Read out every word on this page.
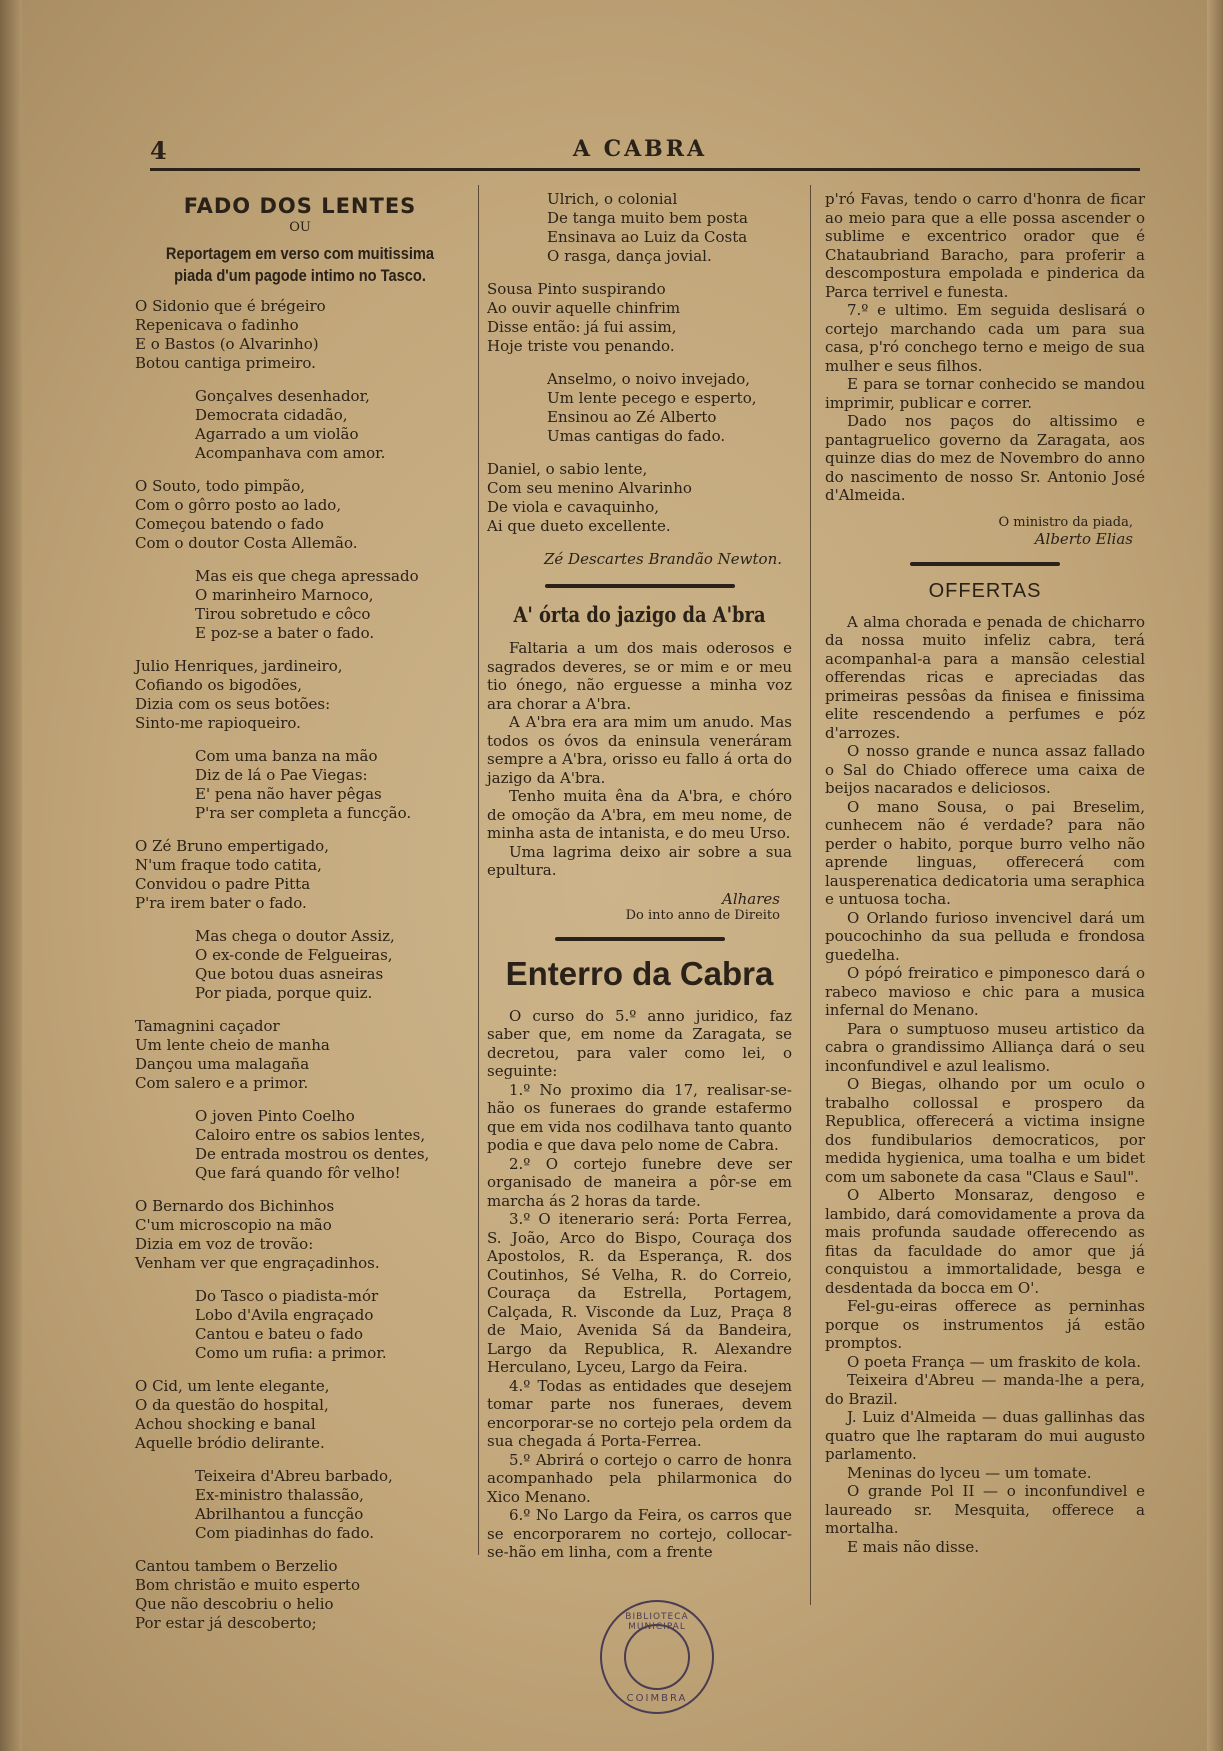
4	A CABRA
FADO DOS LENTES
OU
Reportagem em verso com muitissima piada d'um pagode intimo no Tasco.
O Sidonio que é brégeiro
Repenicava o fadinho
E o Bastos (o Alvarinho)
Botou cantiga primeiro.
Gonçalves desenhador,
Democrata cidadão,
Agarrado a um violão
Acompanhava com amor.
O Souto, todo pimpão,
Com o gôrro posto ao lado,
Começou batendo o fado
Com o doutor Costa Allemão.
Mas eis que chega apressado
O marinheiro Marnoco,
Tirou sobretudo e côco
E poz-se a bater o fado.
Julio Henriques, jardineiro,
Cofiando os bigodões,
Dizia com os seus botões:
Sinto-me rapioqueiro.
Com uma banza na mão
Diz de lá o Pae Viegas:
E' pena não haver pêgas
P'ra ser completa a funcção.
O Zé Bruno empertigado,
N'um fraque todo catita,
Convidou o padre Pitta
P'ra irem bater o fado.
Mas chega o doutor Assiz,
O ex-conde de Felgueiras,
Que botou duas asneiras
Por piada, porque quiz.
Tamagnini caçador
Um lente cheio de manha
Dançou uma malagaña
Com salero e a primor.
O joven Pinto Coelho
Caloiro entre os sabios lentes,
De entrada mostrou os dentes,
Que fará quando fôr velho!
O Bernardo dos Bichinhos
C'um microscopio na mão
Dizia em voz de trovão:
Venham ver que engraçadinhos.
Do Tasco o piadista-mór
Lobo d'Avila engraçado
Cantou e bateu o fado
Como um rufia: a primor.
O Cid, um lente elegante,
O da questão do hospital,
Achou shocking e banal
Aquelle bródio delirante.
Teixeira d'Abreu barbado,
Ex-ministro thalassão,
Abrilhantou a funcção
Com piadinhas do fado.
Cantou tambem o Berzelio
Bom christão e muito esperto
Que não descobriu o helio
Por estar já descoberto;
Ulrich, o colonial
De tanga muito bem posta
Ensinava ao Luiz da Costa
O rasga, dança jovial.
Sousa Pinto suspirando
Ao ouvir aquelle chinfrim
Disse então: já fui assim,
Hoje triste vou penando.
Anselmo, o noivo invejado,
Um lente pecego e esperto,
Ensinou ao Zé Alberto
Umas cantigas do fado.
Daniel, o sabio lente,
Com seu menino Alvarinho
De viola e cavaquinho,
Ai que dueto excellente.
Zé Descartes Brandão Newton.
A' órta do jazigo da A'bra

Faltaria a um dos mais oderosos e sagrados deveres, se or mim e or meu tio ónego, não erguesse a minha voz ara chorar a A'bra.

A A'bra era ara mim um anudo. Mas todos os óvos da eninsula veneráram sempre a A'bra, orisso eu fallo á orta do jazigo da A'bra.

Tenho muita êna da A'bra, e chóro de omoção da A'bra, em meu nome, de minha asta de intanista, e do meu Urso.

Uma lagrima deixo air sobre a sua epultura.

Alhares
Do into anno de Direito
Enterro da Cabra

O curso do 5.º anno juridico, faz saber que, em nome da Zaragata, se decretou, para valer como lei, o seguinte:

1.º No proximo dia 17, realisar-se-hão os funeraes do grande estafermo que em vida nos codilhava tanto quanto podia e que dava pelo nome de Cabra.

2.º O cortejo funebre deve ser organisado de maneira a pôr-se em marcha ás 2 horas da tarde.

3.º O itenerario será: Porta Ferrea, S. João, Arco do Bispo, Couraça dos Apostolos, R. da Esperança, R. dos Coutinhos, Sé Velha, R. do Correio, Couraça da Estrella, Portagem, Calçada, R. Visconde da Luz, Praça 8 de Maio, Avenida Sá da Bandeira, Largo da Republica, R. Alexandre Herculano, Lyceu, Largo da Feira.

4.º Todas as entidades que desejem tomar parte nos funeraes, devem encorporar-se no cortejo pela ordem da sua chegada á Porta-Ferrea.

5.º Abrirá o cortejo o carro de honra acompanhado pela philarmonica do Xico Menano.

6.º No Largo da Feira, os carros que se encorporarem no cortejo, collocar-se-hão em linha, com a frente

p'ró Favas, tendo o carro d'honra de ficar ao meio para que a elle possa ascender o sublime e excentrico orador que é Chataubriand Baracho, para proferir a descompostura empolada e pinderica da Parca terrivel e funesta.

7.º e ultimo. Em seguida deslisará o cortejo marchando cada um para sua casa, p'ró conchego terno e meigo de sua mulher e seus filhos.

E para se tornar conhecido se mandou imprimir, publicar e correr.

Dado nos paços do altissimo e pantagruelico governo da Zaragata, aos quinze dias do mez de Novembro do anno do nascimento de nosso Sr. Antonio José d'Almeida.

O ministro da piada,
Alberto Elias
OFFERTAS

A alma chorada e penada de chicharro da nossa muito infeliz cabra, terá acompanhal-a para a mansão celestial offerendas ricas e apreciadas das primeiras pessôas da finisea e finissima elite rescendendo a perfumes e póz d'arrozes.

O nosso grande e nunca assaz fallado o Sal do Chiado offerece uma caixa de beijos nacarados e deliciosos.

O mano Sousa, o pai Breselim, cunhecem não é verdade? para não perder o habito, porque burro velho não aprende linguas, offerecerá com lausperenatica dedicatoria uma seraphica e untuosa tocha.

O Orlando furioso invencivel dará um poucochinho da sua pelluda e frondosa guedelha.

O pópó freiratico e pimponesco dará o rabeco mavioso e chic para a musica infernal do Menano.

Para o sumptuoso museu artistico da cabra o grandissimo Alliança dará o seu inconfundivel e azul lealismo.

O Biegas, olhando por um oculo o trabalho collossal e prospero da Republica, offerecerá a victima insigne dos fundibularios democraticos, por medida hygienica, uma toalha e um bidet com um sabonete da casa "Claus e Saul".

O Alberto Monsaraz, dengoso e lambido, dará comovidamente a prova da mais profunda saudade offerecendo as fitas da faculdade do amor que já conquistou a immortalidade, besga e desdentada da bocca em O'.

Fel-gu-eiras offerece as perninhas porque os instrumentos já estão promptos.

O poeta França — um fraskito de kola.

Teixeira d'Abreu — manda-lhe a pera, do Brazil.

J. Luiz d'Almeida — duas gallinhas das quatro que lhe raptaram do mui augusto parlamento.

Meninas do lyceu — um tomate.

O grande Pol II — o inconfundivel e laureado sr. Mesquita, offerece a mortalha.

E mais não disse.

BIBLIOTECA MUNICIPAL
COIMBRA
